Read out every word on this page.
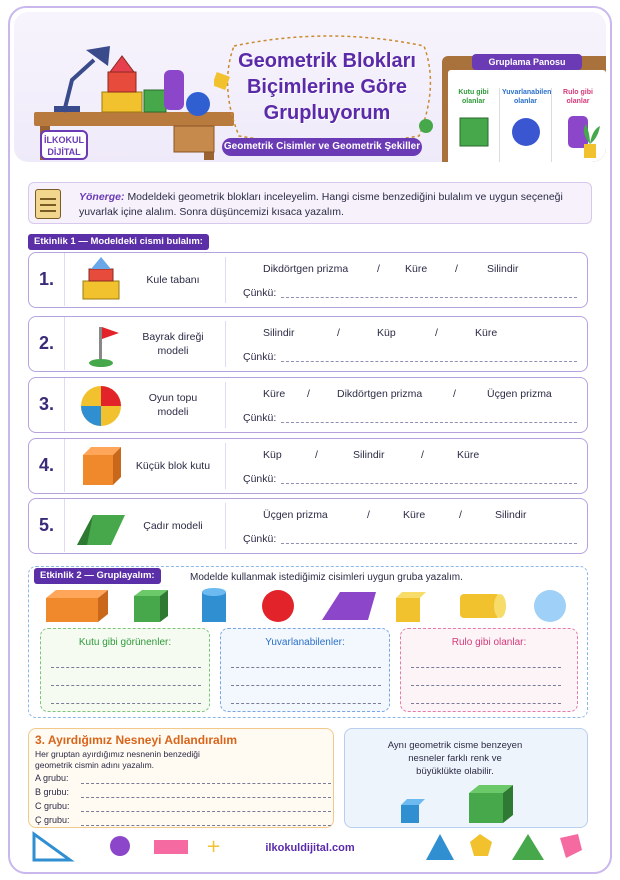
İLKOKUL
DİJİTAL
Geometrik Blokları
Biçimlerine Göre
Grupluyorum
Kutu gibi olanlar
Yuvarlanabilen olanlar
Rulo gibi olanlar
Gruplama Panosu
Geometrik Cisimler ve Geometrik Şekiller
Yönerge: Modeldeki geometrik blokları inceleyelim. Hangi cisme benzediğini bulalım ve uygun seçeneği yuvarlak içine alalım. Sonra düşüncemizi kısaca yazalım.
Etkinlik 1 — Modeldeki cismi bulalım:
1.	Kule tabanı
Dikdörtgen prizma	/ Küre	/	Silindir
Çünkü:
2.	Bayrak direği modeli
Silindir	/	Küp	/	Küre
Çünkü:
3.	Oyun topu modeli
Küre /	Dikdörtgen prizma	/	Üçgen prizma
Çünkü:
4.	Küçük blok kutu
Küp	/	Silindir	/	Küre
Çünkü:
5.	Çadır modeli
Üçgen prizma	/	Küre	/	Silindir
Çünkü:
Etkinlik 2 — Gruplayalım:	Modelde kullanmak istediğimiz cisimleri uygun gruba yazalım.
Kutu gibi görünenler:	Yuvarlanabilenler:	Rulo gibi olanlar:
3. Ayırdığımız Nesneyi Adlandıralım
Her gruptan ayırdığımız nesnenin benzediği geometrik cismin adını yazalım.
A grubu:
B grubu:
C grubu:
Ç grubu:
Aynı geometrik cisme benzeyen nesneler farklı renk ve büyüklükte olabilir.
+	ilkokuldijital.com
